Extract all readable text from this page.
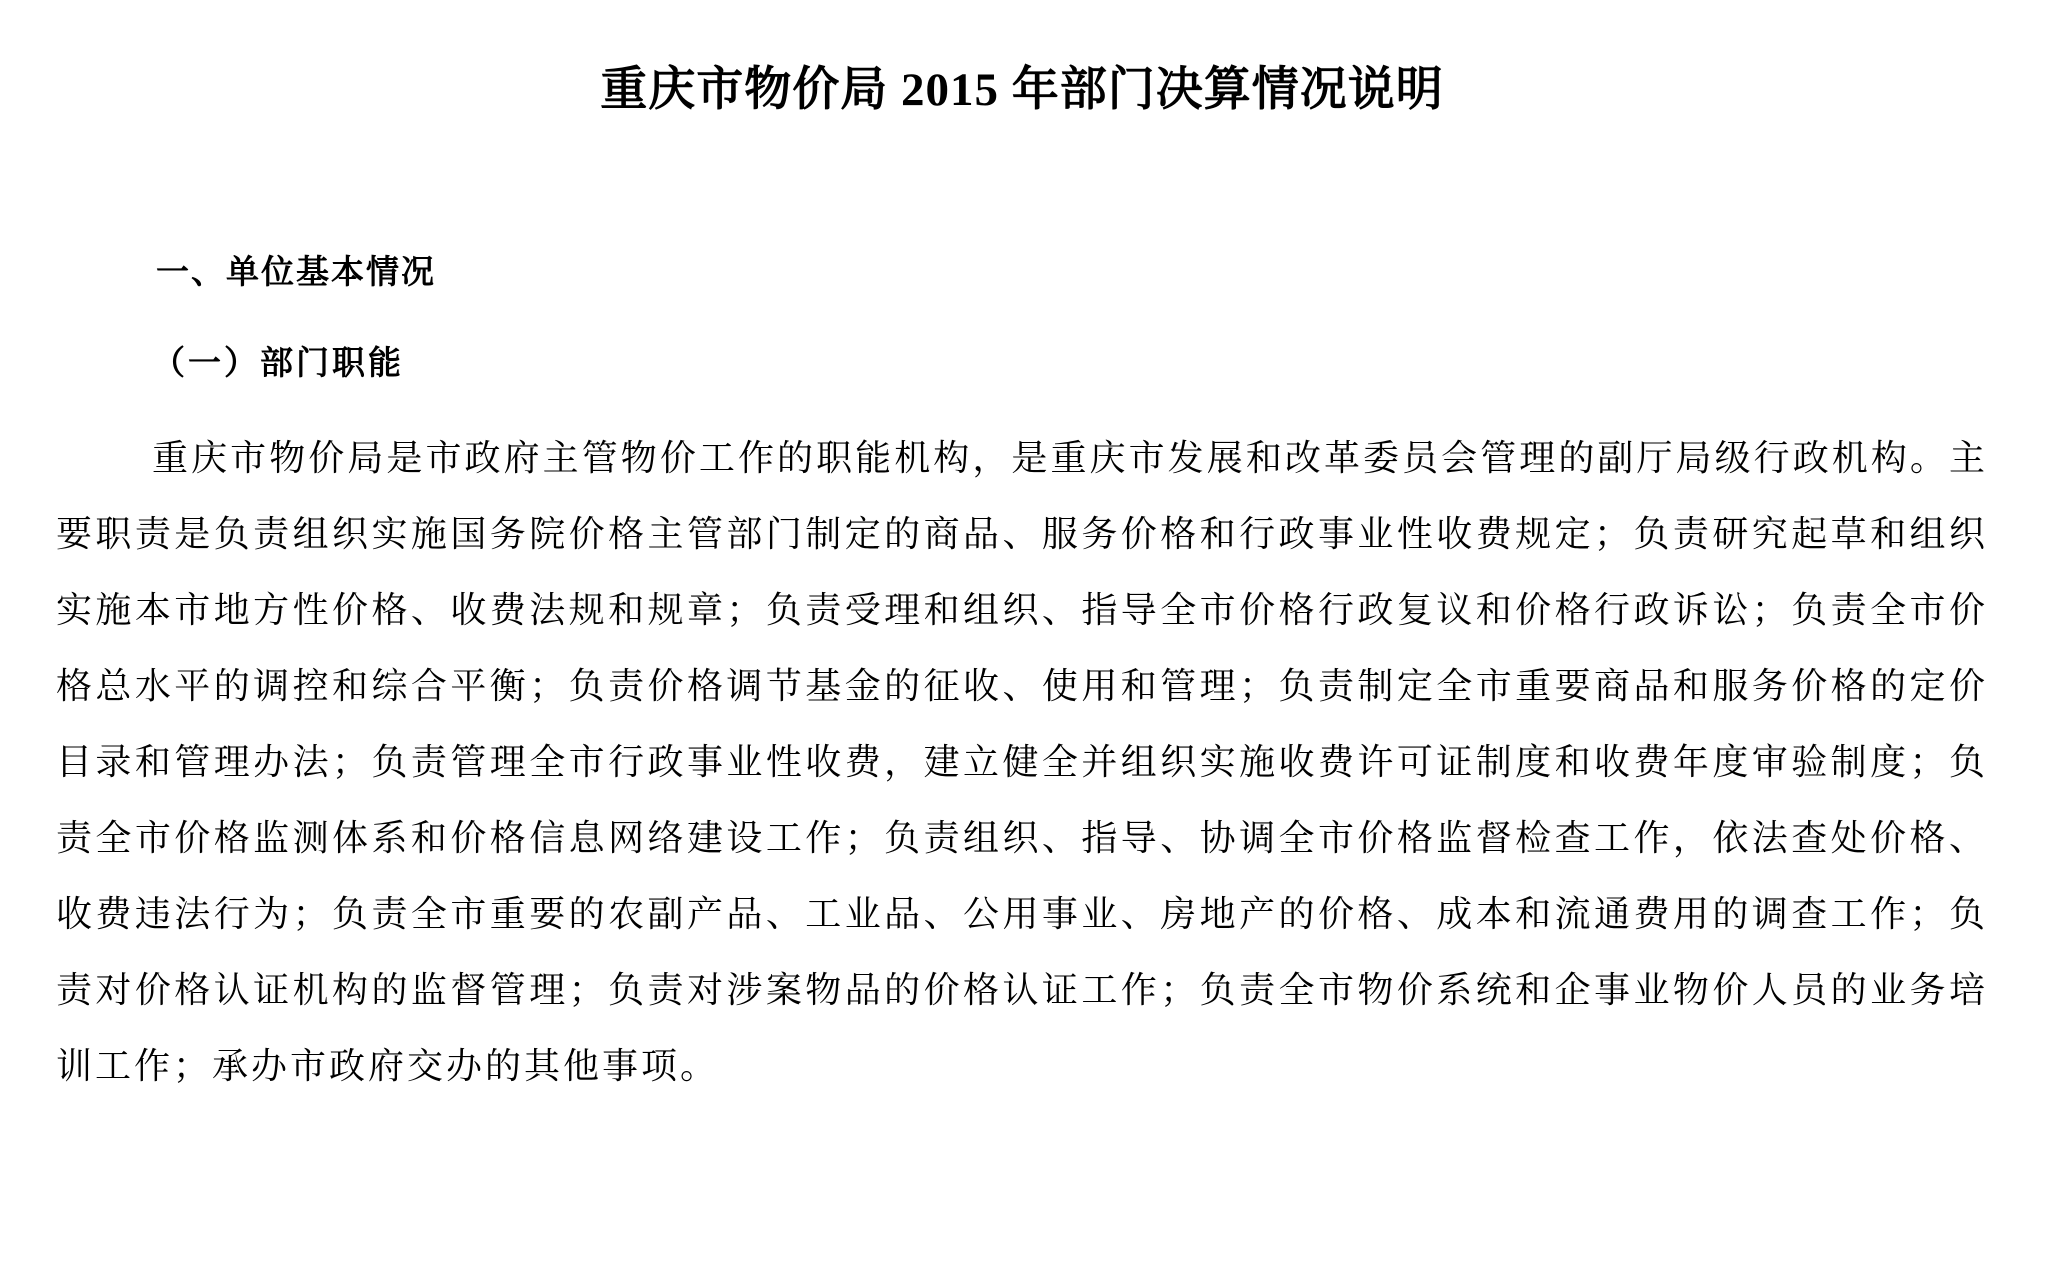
重庆市物价局 2015 年部门决算情况说明
一、单位基本情况
（一）部门职能

重庆市物价局是市政府主管物价工作的职能机构，是重庆市发展和改革委员会管理的副厅局级行政机构。主要职责是负责组织实施国务院价格主管部门制定的商品、服务价格和行政事业性收费规定；负责研究起草和组织实施本市地方性价格、收费法规和规章；负责受理和组织、指导全市价格行政复议和价格行政诉讼；负责全市价格总水平的调控和综合平衡；负责价格调节基金的征收、使用和管理；负责制定全市重要商品和服务价格的定价目录和管理办法；负责管理全市行政事业性收费，建立健全并组织实施收费许可证制度和收费年度审验制度；负责全市价格监测体系和价格信息网络建设工作；负责组织、指导、协调全市价格监督检查工作，依法查处价格、收费违法行为；负责全市重要的农副产品、工业品、公用事业、房地产的价格、成本和流通费用的调查工作；负责对价格认证机构的监督管理；负责对涉案物品的价格认证工作；负责全市物价系统和企事业物价人员的业务培训工作；承办市政府交办的其他事项。
